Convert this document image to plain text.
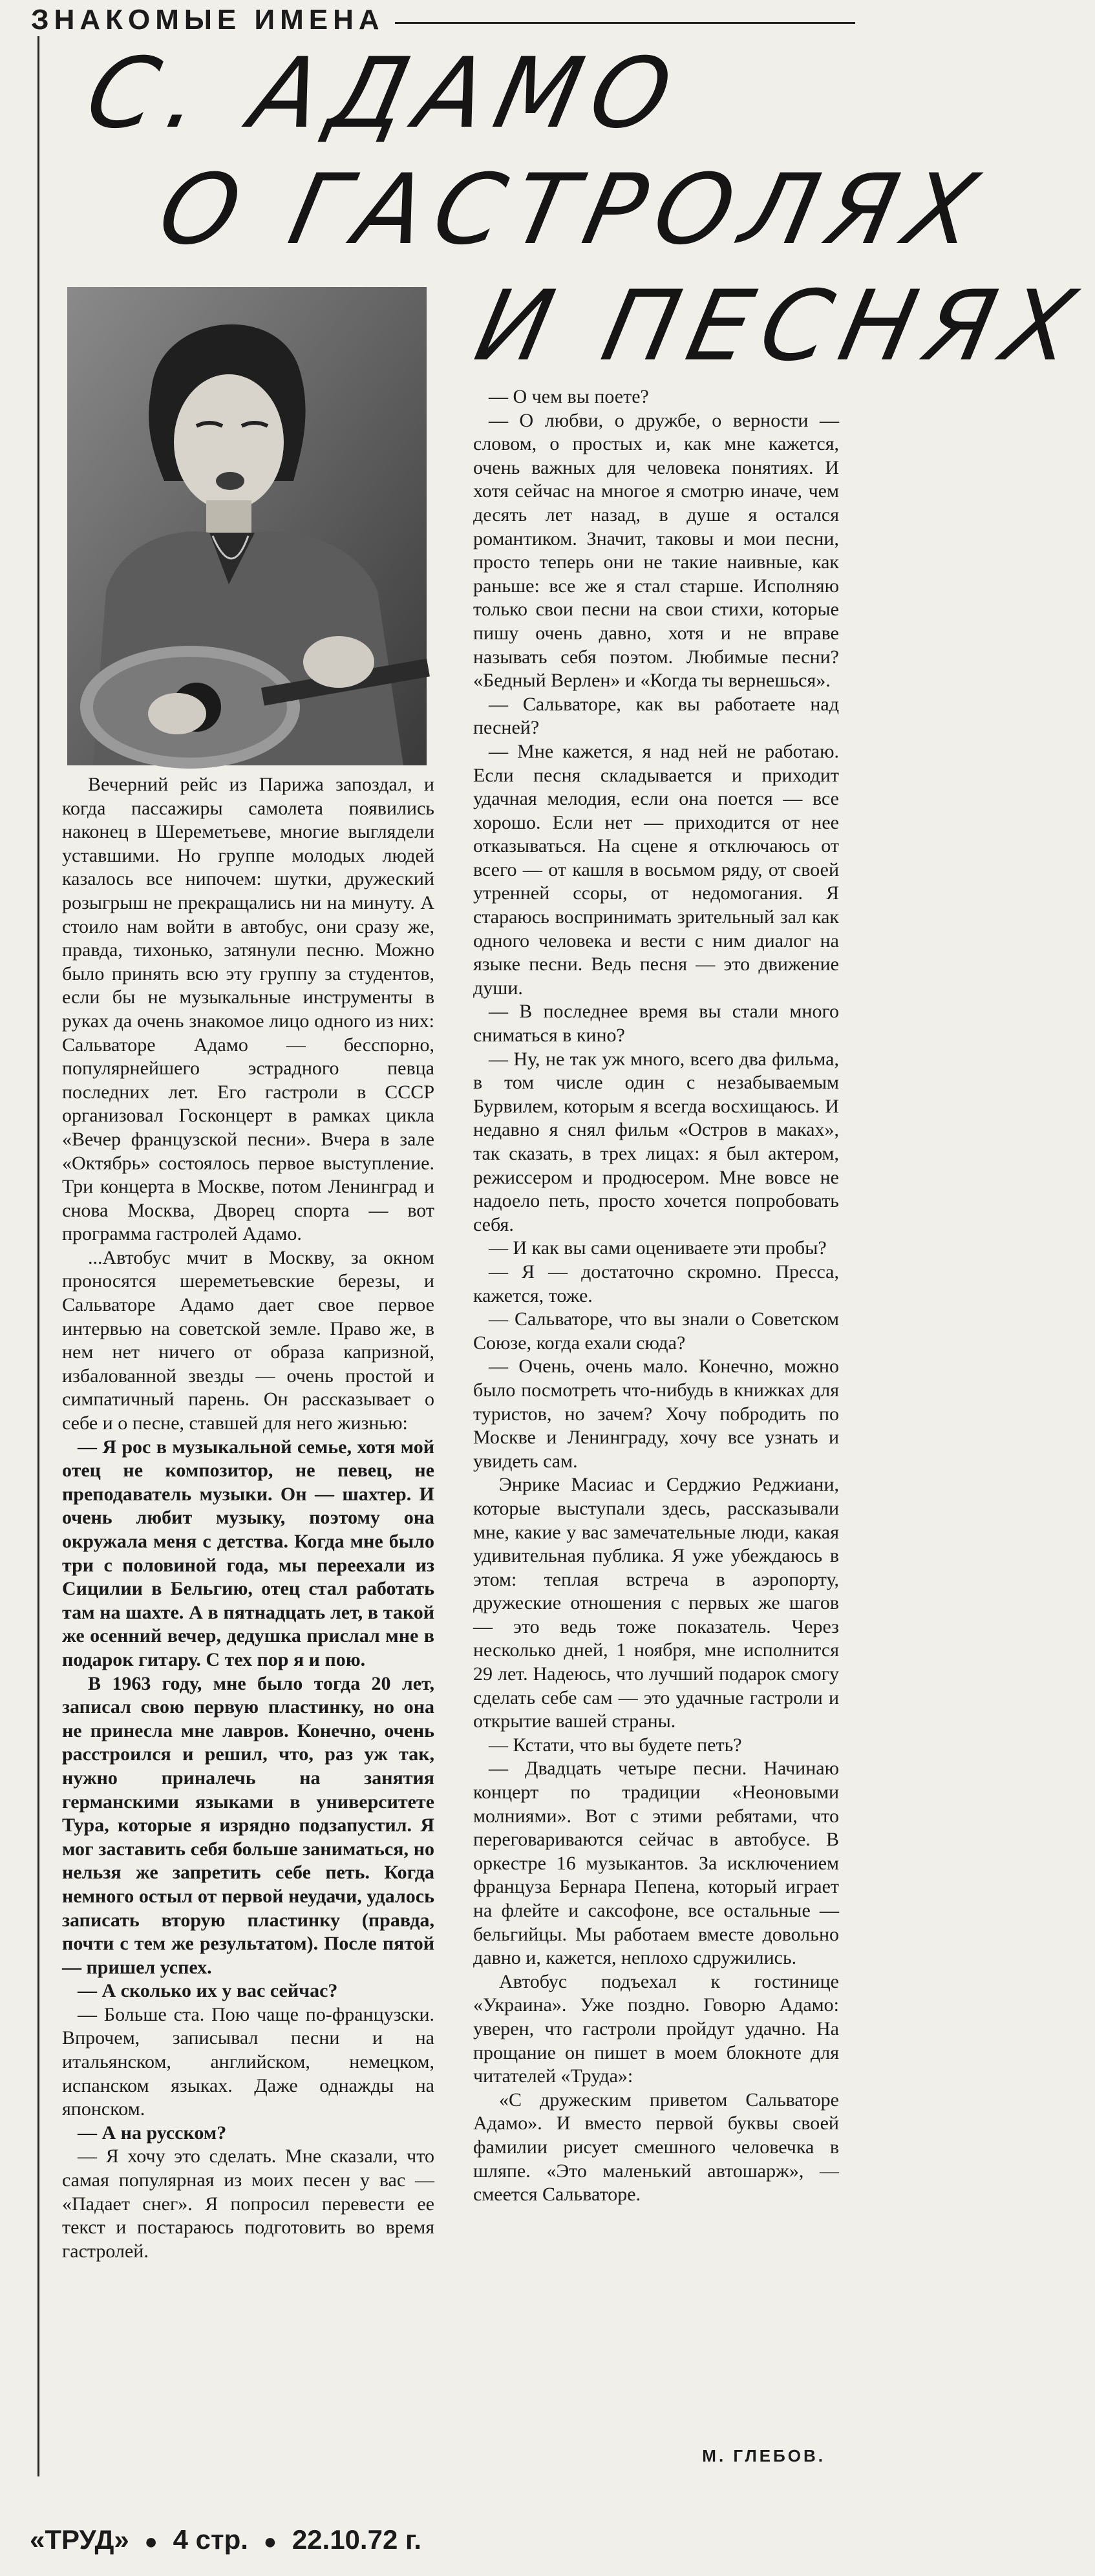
ЗНАКОМЫЕ ИМЕНА
С. АДАМО
О ГАСТРОЛЯХ
И ПЕСНЯХ

Вечерний рейс из Парижа запоздал, и когда пассажиры самолета появились наконец в Шереметьеве, многие выглядели уставшими. Но группе молодых людей казалось все нипочем: шутки, дружеский розыгрыш не прекращались ни на минуту. А стоило нам войти в автобус, они сразу же, правда, тихонько, затянули песню. Можно было принять всю эту группу за студентов, если бы не музыкальные инструменты в руках да очень знакомое лицо одного из них: Сальваторе Адамо — бесспорно, популярнейшего эстрадного певца последних лет. Его гастроли в СССР организовал Госконцерт в рамках цикла «Вечер французской песни». Вчера в зале «Октябрь» состоялось первое выступление. Три концерта в Москве, потом Ленинград и снова Москва, Дворец спорта — вот программа гастролей Адамо.

...Автобус мчит в Москву, за окном проносятся шереметьевские березы, и Сальваторе Адамо дает свое первое интервью на советской земле. Право же, в нем нет ничего от образа капризной, избалованной звезды — очень простой и симпатичный парень. Он рассказывает о себе и о песне, ставшей для него жизнью:

— Я рос в музыкальной семье, хотя мой отец не композитор, не певец, не преподаватель музыки. Он — шахтер. И очень любит музыку, поэтому она окружала меня с детства. Когда мне было три с половиной года, мы переехали из Сицилии в Бельгию, отец стал работать там на шахте. А в пятнадцать лет, в такой же осенний вечер, дедушка прислал мне в подарок гитару. С тех пор я и пою.

В 1963 году, мне было тогда 20 лет, записал свою первую пластинку, но она не принесла мне лавров. Конечно, очень расстроился и решил, что, раз уж так, нужно приналечь на занятия германскими языками в университете Тура, которые я изрядно подзапустил. Я мог заставить себя больше заниматься, но нельзя же запретить себе петь. Когда немного остыл от первой неудачи, удалось записать вторую пластинку (правда, почти с тем же результатом). После пятой — пришел успех.

— А сколько их у вас сейчас?

— Больше ста. Пою чаще по-французски. Впрочем, записывал песни и на итальянском, английском, немецком, испанском языках. Даже однажды на японском.

— А на русском?

— Я хочу это сделать. Мне сказали, что самая популярная из моих песен у вас — «Падает снег». Я попросил перевести ее текст и постараюсь подготовить во время гастролей.

— О чем вы поете?

— О любви, о дружбе, о верности — словом, о простых и, как мне кажется, очень важных для человека понятиях. И хотя сейчас на многое я смотрю иначе, чем десять лет назад, в душе я остался романтиком. Значит, таковы и мои песни, просто теперь они не такие наивные, как раньше: все же я стал старше. Исполняю только свои песни на свои стихи, которые пишу очень давно, хотя и не вправе называть себя поэтом. Любимые песни? «Бедный Верлен» и «Когда ты вернешься».

— Сальваторе, как вы работаете над песней?

— Мне кажется, я над ней не работаю. Если песня складывается и приходит удачная мелодия, если она поется — все хорошо. Если нет — приходится от нее отказываться. На сцене я отключаюсь от всего — от кашля в восьмом ряду, от своей утренней ссоры, от недомогания. Я стараюсь воспринимать зрительный зал как одного человека и вести с ним диалог на языке песни. Ведь песня — это движение души.

— В последнее время вы стали много сниматься в кино?

— Ну, не так уж много, всего два фильма, в том числе один с незабываемым Бурвилем, которым я всегда восхищаюсь. И недавно я снял фильм «Остров в маках», так сказать, в трех лицах: я был актером, режиссером и продюсером. Мне вовсе не надоело петь, просто хочется попробовать себя.

— И как вы сами оцениваете эти пробы?

— Я — достаточно скромно. Пресса, кажется, тоже.

— Сальваторе, что вы знали о Советском Союзе, когда ехали сюда?

— Очень, очень мало. Конечно, можно было посмотреть что-нибудь в книжках для туристов, но зачем? Хочу побродить по Москве и Ленинграду, хочу все узнать и увидеть сам.

Энрике Масиас и Серджио Реджиани, которые выступали здесь, рассказывали мне, какие у вас замечательные люди, какая удивительная публика. Я уже убеждаюсь в этом: теплая встреча в аэропорту, дружеские отношения с первых же шагов — это ведь тоже показатель. Через несколько дней, 1 ноября, мне исполнится 29 лет. Надеюсь, что лучший подарок смогу сделать себе сам — это удачные гастроли и открытие вашей страны.

— Кстати, что вы будете петь?

— Двадцать четыре песни. Начинаю концерт по традиции «Неоновыми молниями». Вот с этими ребятами, что переговариваются сейчас в автобусе. В оркестре 16 музыкантов. За исключением француза Бернара Пепена, который играет на флейте и саксофоне, все остальные — бельгийцы. Мы работаем вместе довольно давно и, кажется, неплохо сдружились.

Автобус подъехал к гостинице «Украина». Уже поздно. Говорю Адамо: уверен, что гастроли пройдут удачно. На прощание он пишет в моем блокноте для читателей «Труда»:

«С дружеским приветом Сальваторе Адамо». И вместо первой буквы своей фамилии рисует смешного человечка в шляпе. «Это маленький автошарж», — смеется Сальваторе.

М. ГЛЕБОВ.
«ТРУД» ● 4 стр. ● 22.10.72 г.
